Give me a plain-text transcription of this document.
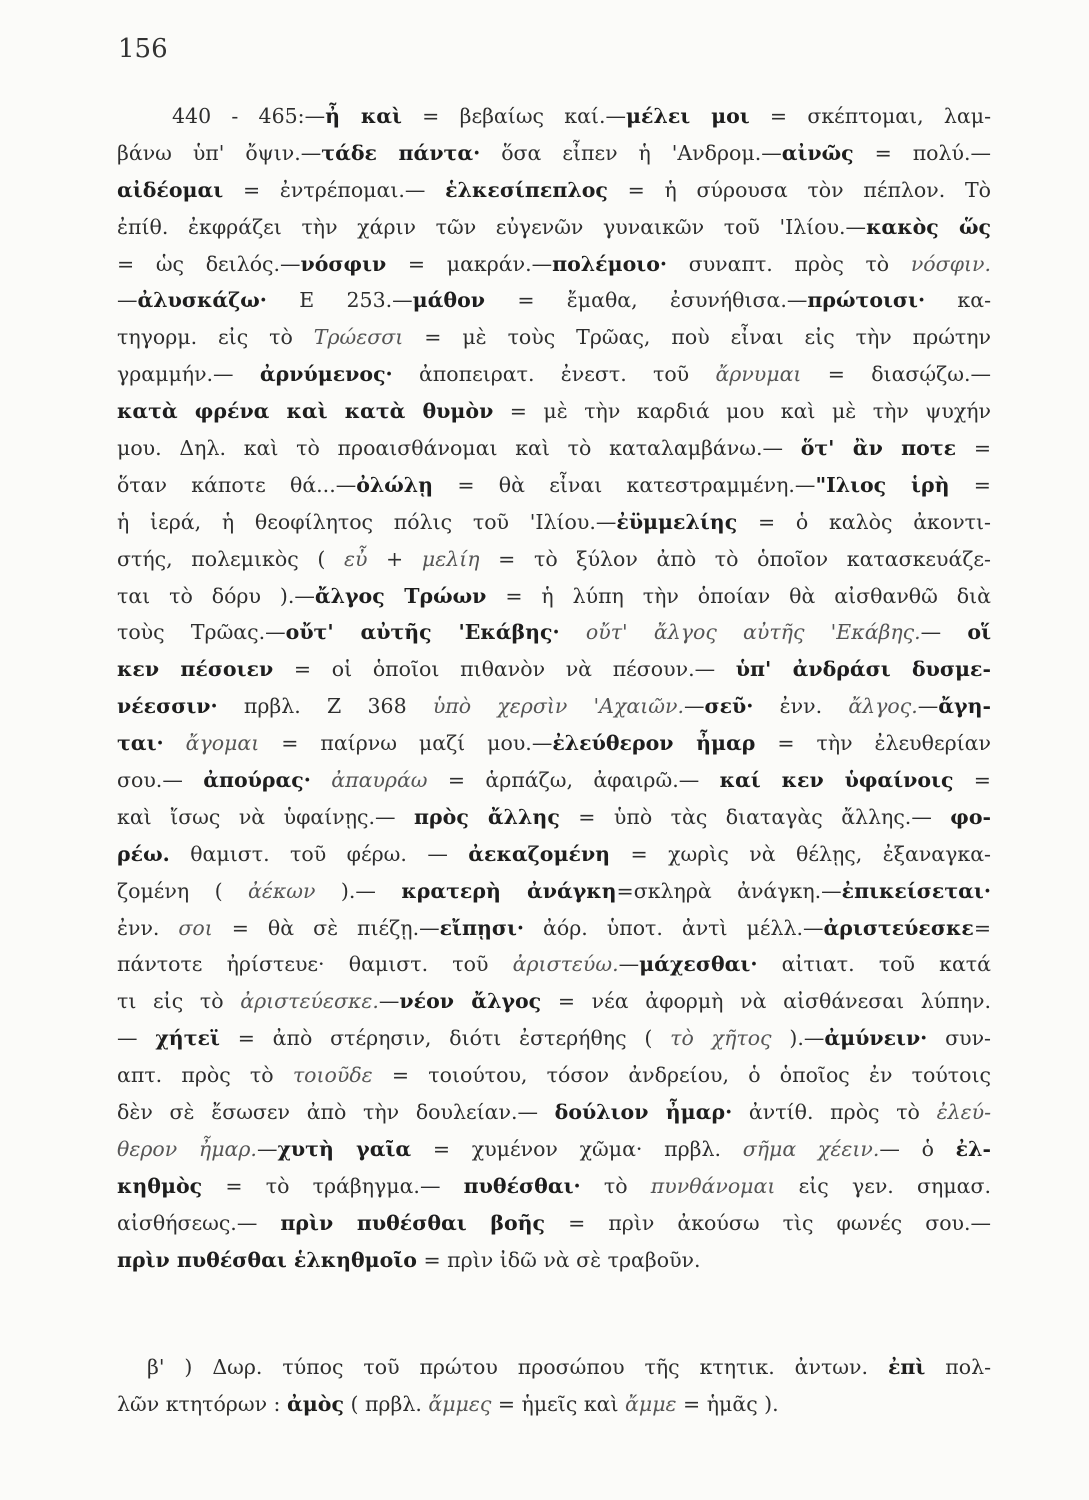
156
440 - 465:—ἦ καὶ = βεβαίως καί.—μέλει μοι = σκέπτομαι, λαμ-
βάνω ὑπ' ὄψιν.—τάδε πάντα· ὅσα εἶπεν ἡ 'Ανδρομ.—αἰνῶς = πολύ.—
αἰδέομαι = ἐντρέπομαι.— ἑλκεσίπεπλος = ἡ σύρουσα τὸν πέπλον. Τὸ
ἐπίθ. ἐκφράζει τὴν χάριν τῶν εὐγενῶν γυναικῶν τοῦ 'Ιλίου.—κακὸς ὥς
= ὡς δειλός.—νόσφιν = μακράν.—πολέμοιο· συναπτ. πρὸς τὸ νόσφιν.
—ἀλυσκάζω· E 253.—μάθον = ἔμαθα, ἐσυνήθισα.—πρώτοισι· κα-
τηγορμ. εἰς τὸ Τρώεσσι = μὲ τοὺς Τρῶας, ποὺ εἶναι εἰς τὴν πρώτην
γραμμήν.— ἀρνύμενος· ἀποπειρατ. ἐνεστ. τοῦ ἄρνυμαι = διασῴζω.—
κατὰ φρένα καὶ κατὰ θυμὸν = μὲ τὴν καρδιά μου καὶ μὲ τὴν ψυχήν
μου. Δηλ. καὶ τὸ προαισθάνομαι καὶ τὸ καταλαμβάνω.— ὅτ' ἂν ποτε =
ὅταν κάποτε θά...—ὀλώλῃ = θὰ εἶναι κατεστραμμένη.—"Ιλιος ἱρὴ =
ἡ ἱερά, ἡ θεοφίλητος πόλις τοῦ 'Ιλίου.—ἐϋμμελίης = ὁ καλὸς ἀκοντι-
στής, πολεμικὸς ( εὖ + μελίη = τὸ ξύλον ἀπὸ τὸ ὁποῖον κατασκευάζε-
ται τὸ δόρυ ).—ἄλγος Τρώων = ἡ λύπη τὴν ὁποίαν θὰ αἰσθανθῶ διὰ
τοὺς Τρῶας.—οὔτ' αὐτῆς 'Εκάβης· οὔτ' ἄλγος αὐτῆς 'Εκάβης.— οἵ
κεν πέσοιεν = οἱ ὁποῖοι πιθανὸν νὰ πέσουν.— ὑπ' ἀνδράσι δυσμε-
νέεσσιν· πρβλ. Z 368 ὑπὸ χερσὶν 'Αχαιῶν.—σεῦ· ἐνν. ἄλγος.—ἄγη-
ται· ἄγομαι = παίρνω μαζί μου.—ἐλεύθερον ἦμαρ = τὴν ἐλευθερίαν
σου.— ἀπούρας· ἀπαυράω = ἁρπάζω, ἀφαιρῶ.— καί κεν ὑφαίνοις =
καὶ ἴσως νὰ ὑφαίνῃς.— πρὸς ἄλλης = ὑπὸ τὰς διαταγὰς ἄλλης.— φο-
ρέω. θαμιστ. τοῦ φέρω. — ἀεκαζομένη = χωρὶς νὰ θέλῃς, ἐξαναγκα-
ζομένη ( ἀέκων ).— κρατερὴ ἀνάγκη=σκληρὰ ἀνάγκη.—ἐπικείσεται·
ἐνν. σοι = θὰ σὲ πιέζῃ.—εἴπῃσι· ἀόρ. ὑποτ. ἀντὶ μέλλ.—ἀριστεύεσκε=
πάντοτε ἠρίστευε· θαμιστ. τοῦ ἀριστεύω.—μάχεσθαι· αἰτιατ. τοῦ κατά
τι εἰς τὸ ἀριστεύεσκε.—νέον ἄλγος = νέα ἀφορμὴ νὰ αἰσθάνεσαι λύπην.
— χήτεϊ = ἀπὸ στέρησιν, διότι ἐστερήθης ( τὸ χῆτος ).—ἀμύνειν· συν-
απτ. πρὸς τὸ τοιοῦδε = τοιούτου, τόσον ἀνδρείου, ὁ ὁποῖος ἐν τούτοις
δὲν σὲ ἔσωσεν ἀπὸ τὴν δουλείαν.— δούλιον ἦμαρ· ἀντίθ. πρὸς τὸ ἐλεύ-
θερον ἦμαρ.—χυτὴ γαῖα = χυμένον χῶμα· πρβλ. σῆμα χέειν.— ὁ ἐλ-
κηθμὸς = τὸ τράβηγμα.— πυθέσθαι· τὸ πυνθάνομαι εἰς γεν. σημασ.
αἰσθήσεως.— πρὶν πυθέσθαι βοῆς = πρὶν ἀκούσω τὶς φωνές σου.—
πρὶν πυθέσθαι ἑλκηθμοῖο = πρὶν ἰδῶ νὰ σὲ τραβοῦν.
β' ) Δωρ. τύπος τοῦ πρώτου προσώπου τῆς κτητικ. ἀντων. ἐπὶ πολ-
λῶν κτητόρων : ἀμὸς ( πρβλ. ἄμμες = ἡμεῖς καὶ ἄμμε = ἡμᾶς ).
